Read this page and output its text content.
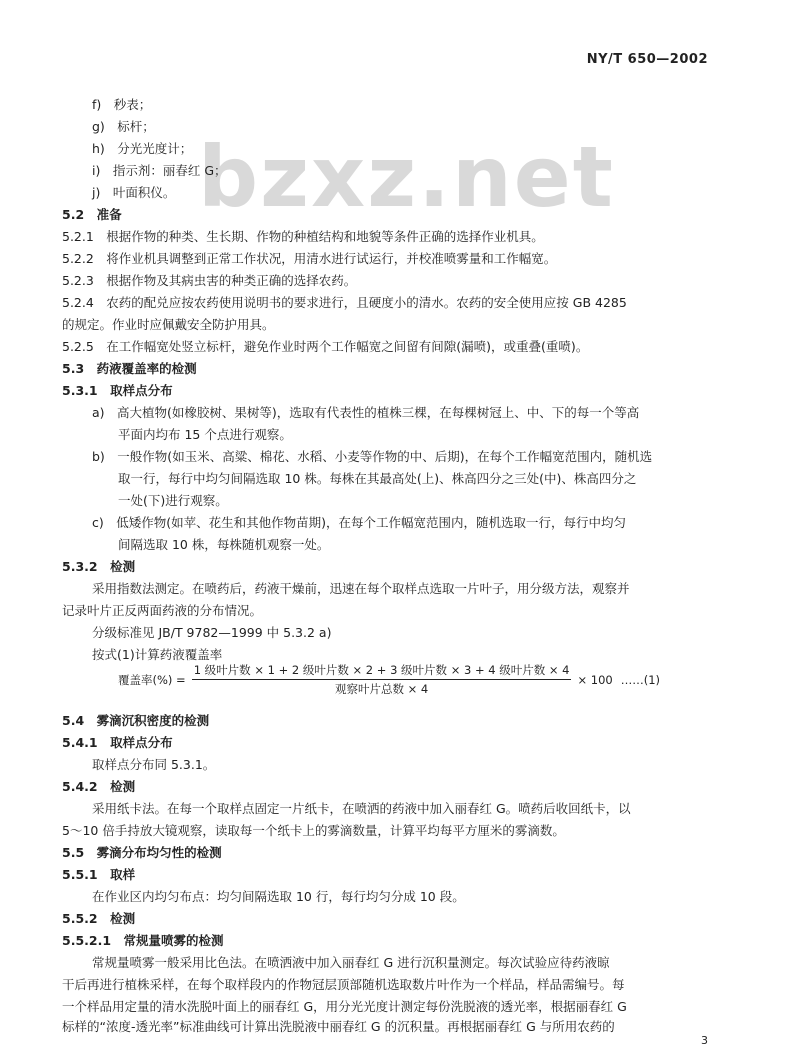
NY/T 650—2002
bzxz.net
f)　秒表；
g)　标杆；
h)　分光光度计；
i)　指示剂：丽春红 G；
j)　叶面积仪。
5.2　准备
5.2.1　根据作物的种类、生长期、作物的种植结构和地貌等条件正确的选择作业机具。
5.2.2　将作业机具调整到正常工作状况，用清水进行试运行，并校准喷雾量和工作幅宽。
5.2.3　根据作物及其病虫害的种类正确的选择农药。
5.2.4　农药的配兑应按农药使用说明书的要求进行，且硬度小的清水。农药的安全使用应按 GB 4285
的规定。作业时应佩戴安全防护用具。
5.2.5　在工作幅宽处竖立标杆，避免作业时两个工作幅宽之间留有间隙(漏喷)，或重叠(重喷)。
5.3　药液覆盖率的检测
5.3.1　取样点分布
a)　高大植物(如橡胶树、果树等)，选取有代表性的植株三棵，在每棵树冠上、中、下的每一个等高
平面内均布 15 个点进行观察。
b)　一般作物(如玉米、高粱、棉花、水稻、小麦等作物的中、后期)，在每个工作幅宽范围内，随机选
取一行，每行中均匀间隔选取 10 株。每株在其最高处(上)、株高四分之三处(中)、株高四分之
一处(下)进行观察。
c)　低矮作物(如苹、花生和其他作物苗期)，在每个工作幅宽范围内，随机选取一行，每行中均匀
间隔选取 10 株，每株随机观察一处。
5.3.2　检测
采用指数法测定。在喷药后，药液干燥前，迅速在每个取样点选取一片叶子，用分级方法，观察并
记录叶片正反两面药液的分布情况。
分级标准见 JB/T 9782—1999 中 5.3.2 a)
按式(1)计算药液覆盖率
覆盖率(%) = $\frac{\text{1 级叶片数 × 1 + 2 级叶片数 × 2 + 3 级叶片数 × 3 + 4 级叶片数 × 4}}{\text{观察叶片总数 × 4}} \times 100$ ……(1)
5.4　雾滴沉积密度的检测
5.4.1　取样点分布
取样点分布同 5.3.1。
5.4.2　检测
采用纸卡法。在每一个取样点固定一片纸卡，在喷洒的药液中加入丽春红 G。喷药后收回纸卡，以
5～10 倍手持放大镜观察，读取每一个纸卡上的雾滴数量，计算平均每平方厘米的雾滴数。
5.5　雾滴分布均匀性的检测
5.5.1　取样
在作业区内均匀布点：均匀间隔选取 10 行，每行均匀分成 10 段。
5.5.2　检测
5.5.2.1　常规量喷雾的检测
常规量喷雾一般采用比色法。在喷洒液中加入丽春红 G 进行沉积量测定。每次试验应待药液晾
干后再进行植株采样，在每个取样段内的作物冠层顶部随机选取数片叶作为一个样品，样品需编号。每
一个样品用定量的清水洗脱叶面上的丽春红 G，用分光光度计测定每份洗脱液的透光率，根据丽春红 G
标样的“浓度-透光率”标准曲线可计算出洗脱液中丽春红 G 的沉积量。再根据丽春红 G 与所用农药的
3
